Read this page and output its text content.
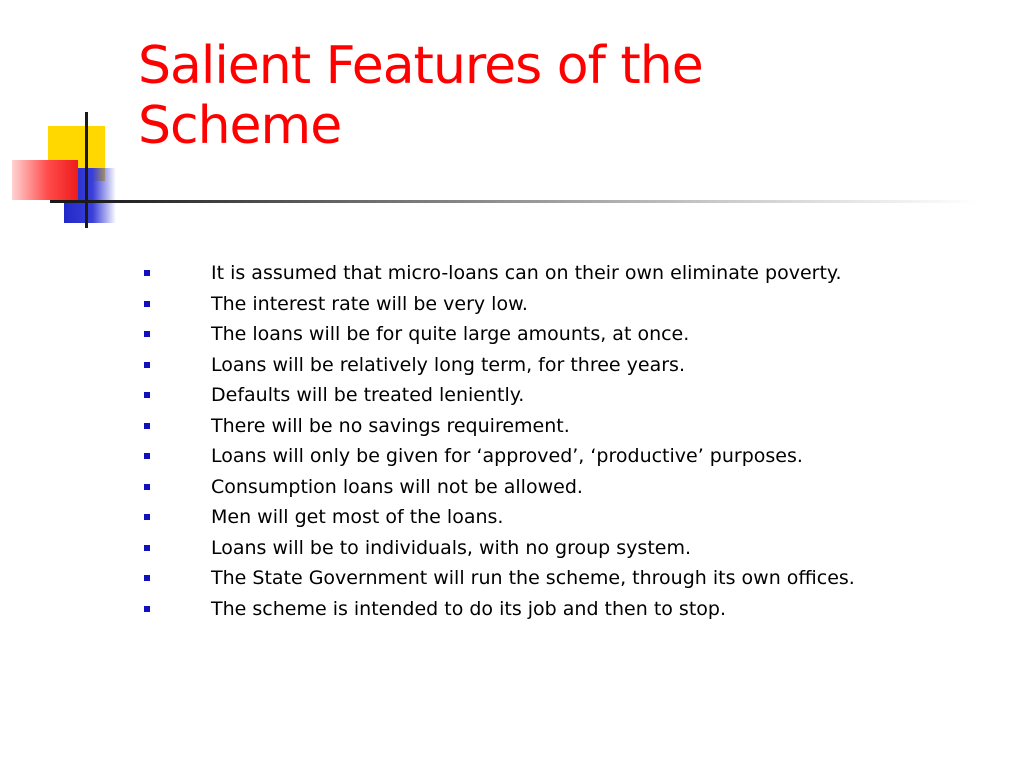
Salient Features of the
Scheme
It is assumed that micro-loans can on their own eliminate poverty.
The interest rate will be very low.
The loans will be for quite large amounts, at once.
Loans will be relatively long term, for three years.
Defaults will be treated leniently.
There will be no savings requirement.
Loans will only be given for ‘approved’, ‘productive’ purposes.
Consumption loans will not be allowed.
Men will get most of the loans.
Loans will be to individuals, with no group system.
The State Government will run the scheme, through its own offices.
The scheme is intended to do its job and then to stop.
